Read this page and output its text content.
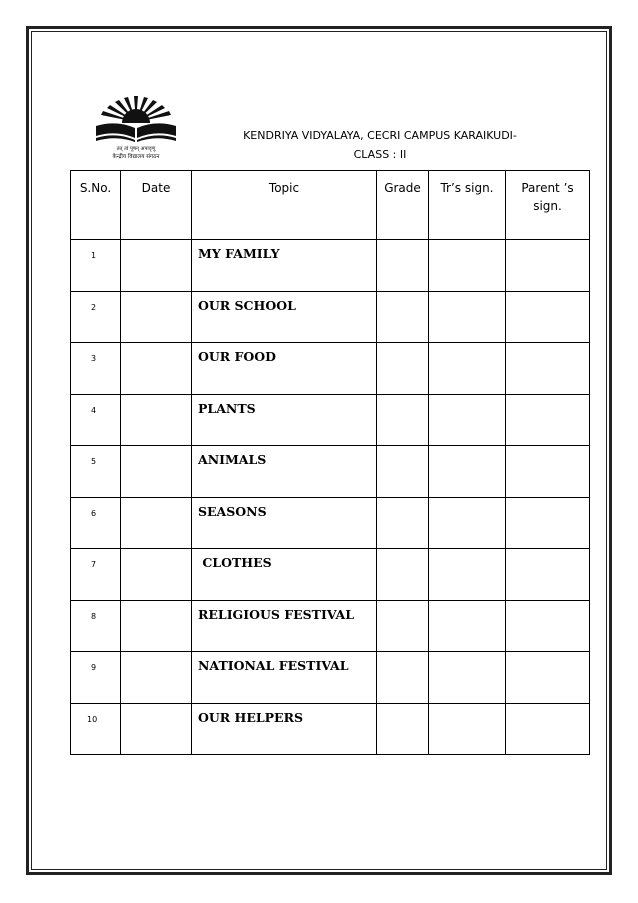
तत् त्वं पूषन् अपावृणु
केन्द्रीय विद्यालय संगठन
KENDRIYA VIDYALAYA, CECRI CAMPUS KARAIKUDI-
CLASS : II
S.No.	Date	Topic	Grade	Tr’s sign.	Parent ’s sign.
1		MY FAMILY			
2		OUR SCHOOL			
3		OUR FOOD			
4		PLANTS			
5		ANIMALS			
6		SEASONS			
7		CLOTHES			
8		RELIGIOUS FESTIVAL			
9		NATIONAL FESTIVAL			
10		OUR HELPERS			
